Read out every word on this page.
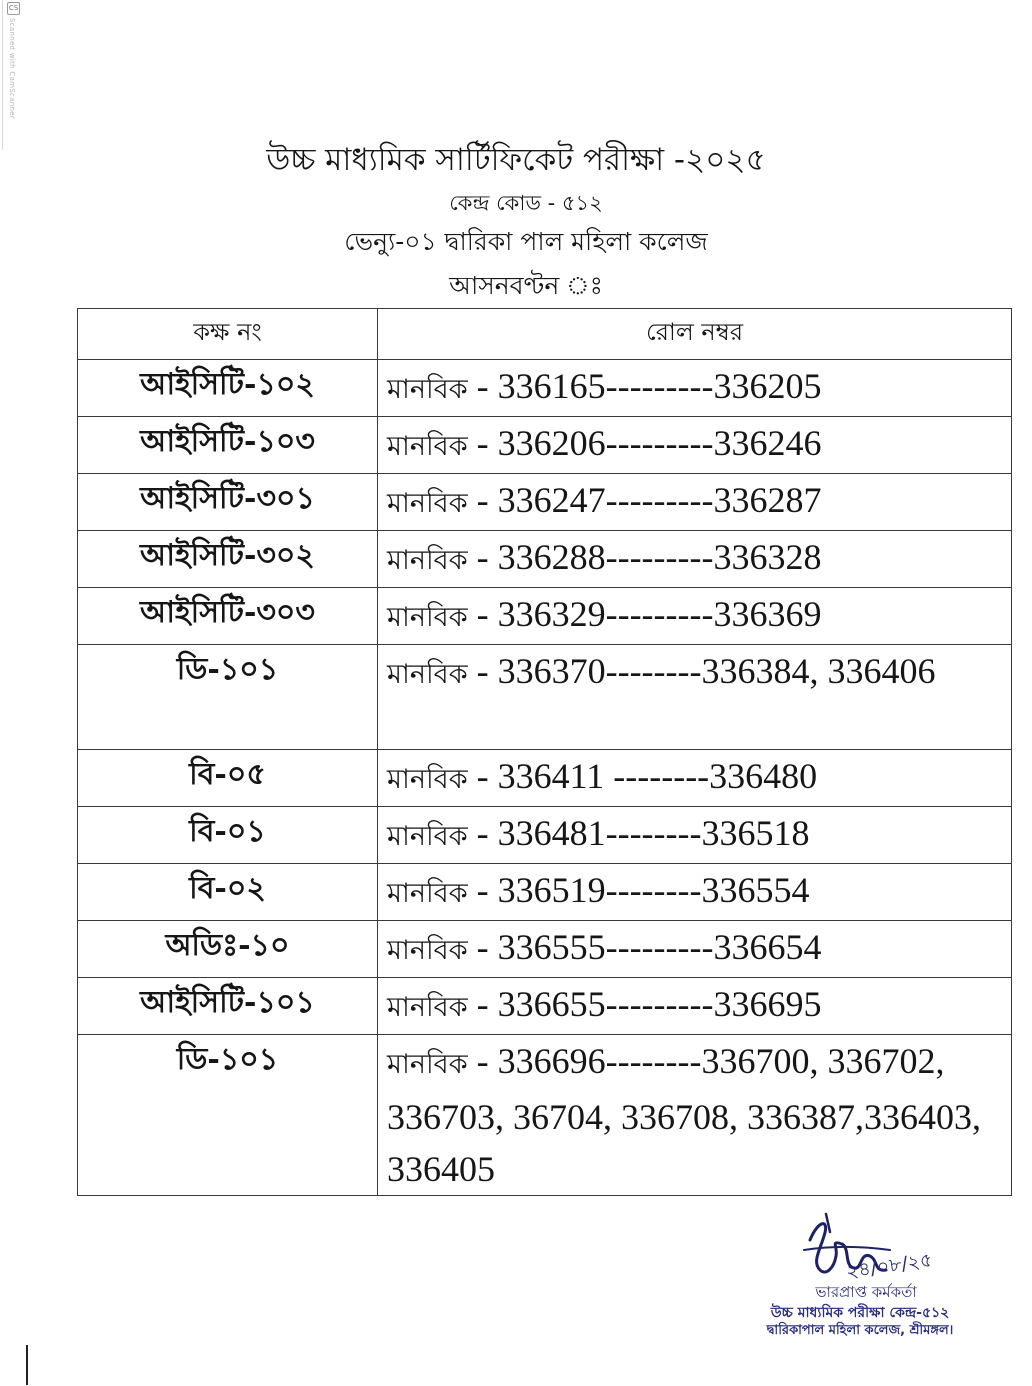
CS
Scanned with CamScanner
উচ্চ মাধ্যমিক সার্টিফিকেট পরীক্ষা -২০২৫
কেন্দ্র কোড - ৫১২
ভেন্যু-০১ দ্বারিকা পাল মহিলা কলেজ
আসনবণ্টন ঃ
কক্ষ নং	রোল নম্বর
আইসিটি-১০২	মানবিক - 336165---------336205
আইসিটি-১০৩	মানবিক - 336206---------336246
আইসিটি-৩০১	মানবিক - 336247---------336287
আইসিটি-৩০২	মানবিক - 336288---------336328
আইসিটি-৩০৩	মানবিক - 336329---------336369
ডি-১০১	মানবিক - 336370--------336384, 336406
বি-০৫	মানবিক - 336411 --------336480
বি-০১	মানবিক - 336481--------336518
বি-০২	মানবিক - 336519--------336554
অডিঃ-১০	মানবিক - 336555---------336654
আইসিটি-১০১	মানবিক - 336655---------336695
ডি-১০১	মানবিক - 336696--------336700, 336702, 336703, 36704, 336708, 336387,336403, 336405
২৪/০৮/২৫
ভারপ্রাপ্ত কর্মকর্তা
উচ্চ মাধ্যমিক পরীক্ষা কেন্দ্র-৫১২
দ্বারিকাপাল মহিলা কলেজ, শ্রীমঙ্গল।
